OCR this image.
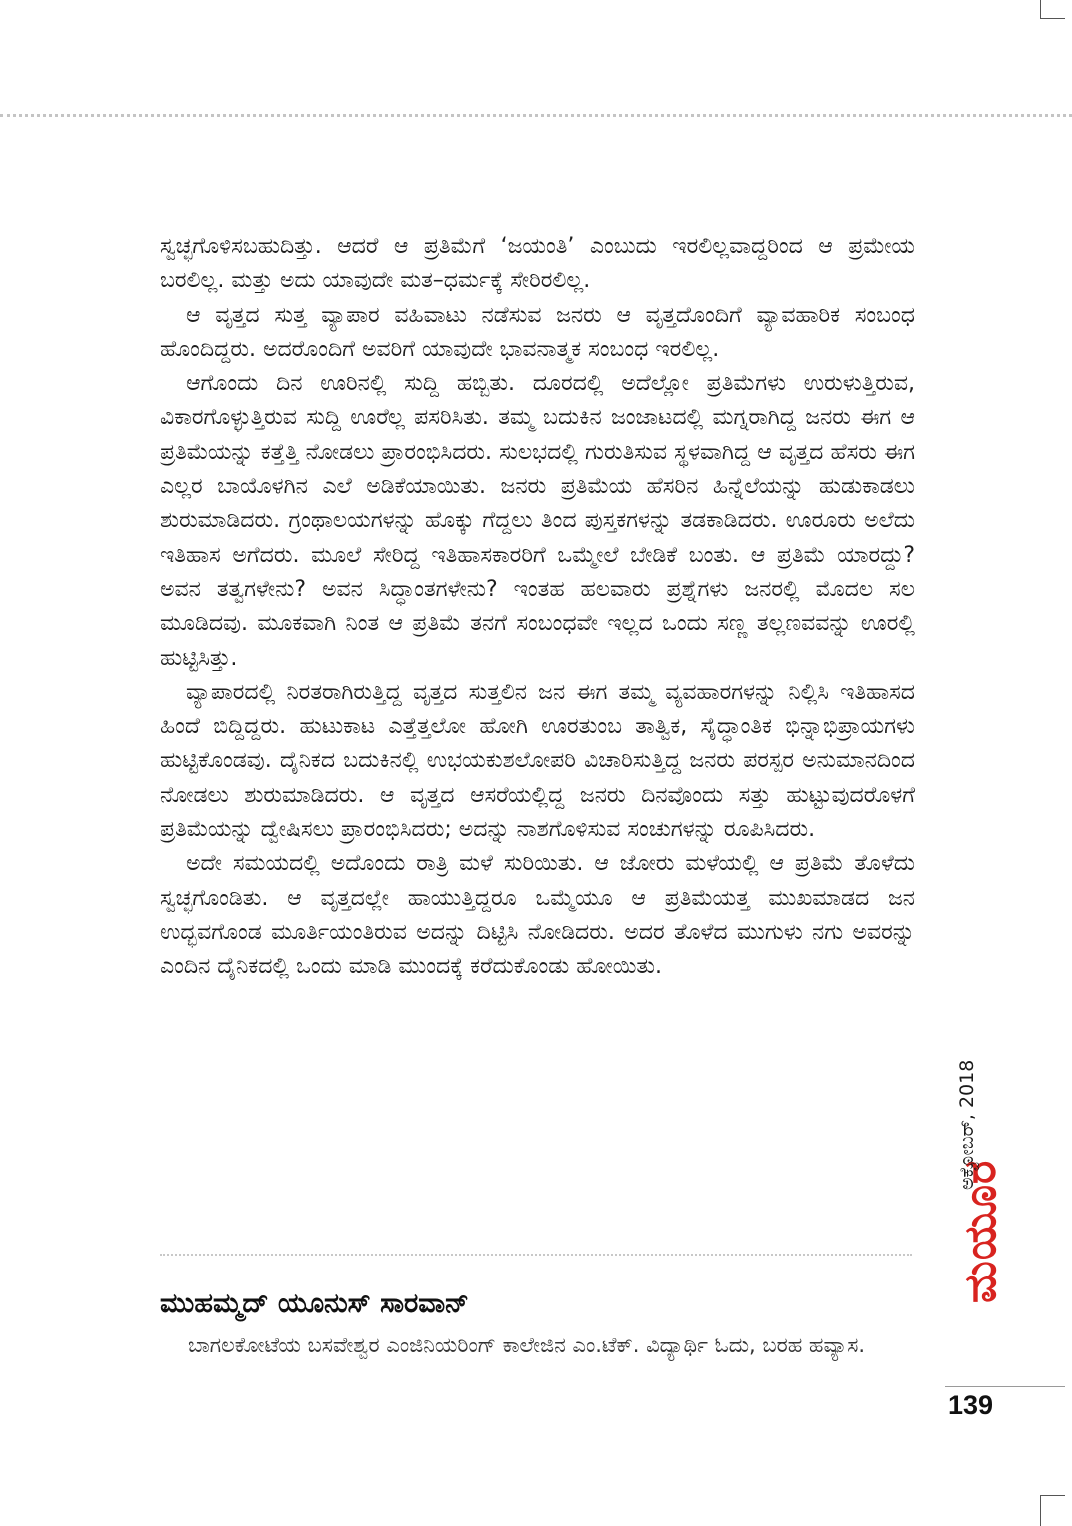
ಸ್ವಚ್ಛಗೊಳಿಸಬಹುದಿತ್ತು. ಆದರೆ ಆ ಪ್ರತಿಮೆಗೆ ‘ಜಯಂತಿ’ ಎಂಬುದು ಇರಲಿಲ್ಲವಾದ್ದರಿಂದ ಆ ಪ್ರಮೇಯ ಬರಲಿಲ್ಲ. ಮತ್ತು ಅದು ಯಾವುದೇ ಮತ–ಧರ್ಮಕ್ಕೆ ಸೇರಿರಲಿಲ್ಲ.

ಆ ವೃತ್ತದ ಸುತ್ತ ವ್ಯಾಪಾರ ವಹಿವಾಟು ನಡೆಸುವ ಜನರು ಆ ವೃತ್ತದೊಂದಿಗೆ ವ್ಯಾವಹಾರಿಕ ಸಂಬಂಧ ಹೊಂದಿದ್ದರು. ಅದರೊಂದಿಗೆ ಅವರಿಗೆ ಯಾವುದೇ ಭಾವನಾತ್ಮಕ ಸಂಬಂಧ ಇರಲಿಲ್ಲ.

ಆಗೊಂದು ದಿನ ಊರಿನಲ್ಲಿ ಸುದ್ದಿ ಹಬ್ಬಿತು. ದೂರದಲ್ಲಿ ಅದೆಲ್ಲೋ ಪ್ರತಿಮೆಗಳು ಉರುಳುತ್ತಿರುವ, ವಿಕಾರಗೊಳ್ಳುತ್ತಿರುವ ಸುದ್ದಿ ಊರೆಲ್ಲ ಪಸರಿಸಿತು. ತಮ್ಮ ಬದುಕಿನ ಜಂಜಾಟದಲ್ಲಿ ಮಗ್ನರಾಗಿದ್ದ ಜನರು ಈಗ ಆ ಪ್ರತಿಮೆಯನ್ನು ಕತ್ತೆತ್ತಿ ನೋಡಲು ಪ್ರಾರಂಭಿಸಿದರು. ಸುಲಭದಲ್ಲಿ ಗುರುತಿಸುವ ಸ್ಥಳವಾಗಿದ್ದ ಆ ವೃತ್ತದ ಹೆಸರು ಈಗ ಎಲ್ಲರ ಬಾಯೊಳಗಿನ ಎಲೆ ಅಡಿಕೆಯಾಯಿತು. ಜನರು ಪ್ರತಿಮೆಯ ಹೆಸರಿನ ಹಿನ್ನೆಲೆಯನ್ನು ಹುಡುಕಾಡಲು ಶುರುಮಾಡಿದರು. ಗ್ರಂಥಾಲಯಗಳನ್ನು ಹೊಕ್ಕು ಗೆದ್ದಲು ತಿಂದ ಪುಸ್ತಕಗಳನ್ನು ತಡಕಾಡಿದರು. ಊರೂರು ಅಲೆದು ಇತಿಹಾಸ ಅಗೆದರು. ಮೂಲೆ ಸೇರಿದ್ದ ಇತಿಹಾಸಕಾರರಿಗೆ ಒಮ್ಮೇಲೆ ಬೇಡಿಕೆ ಬಂತು. ಆ ಪ್ರತಿಮೆ ಯಾರದ್ದು? ಅವನ ತತ್ವಗಳೇನು? ಅವನ ಸಿದ್ಧಾಂತಗಳೇನು? ಇಂತಹ ಹಲವಾರು ಪ್ರಶ್ನೆಗಳು ಜನರಲ್ಲಿ ಮೊದಲ ಸಲ ಮೂಡಿದವು. ಮೂಕವಾಗಿ ನಿಂತ ಆ ಪ್ರತಿಮೆ ತನಗೆ ಸಂಬಂಧವೇ ಇಲ್ಲದ ಒಂದು ಸಣ್ಣ ತಲ್ಲಣವವನ್ನು ಊರಲ್ಲಿ ಹುಟ್ಟಿಸಿತ್ತು.

ವ್ಯಾಪಾರದಲ್ಲಿ ನಿರತರಾಗಿರುತ್ತಿದ್ದ ವೃತ್ತದ ಸುತ್ತಲಿನ ಜನ ಈಗ ತಮ್ಮ ವ್ಯವಹಾರಗಳನ್ನು ನಿಲ್ಲಿಸಿ ಇತಿಹಾಸದ ಹಿಂದೆ ಬಿದ್ದಿದ್ದರು. ಹುಟುಕಾಟ ಎತ್ತೆತ್ತಲೋ ಹೋಗಿ ಊರತುಂಬ ತಾತ್ವಿಕ, ಸೈದ್ಧಾಂತಿಕ ಭಿನ್ನಾಭಿಪ್ರಾಯಗಳು ಹುಟ್ಟಿಕೊಂಡವು. ದೈನಿಕದ ಬದುಕಿನಲ್ಲಿ ಉಭಯಕುಶಲೋಪರಿ ವಿಚಾರಿಸುತ್ತಿದ್ದ ಜನರು ಪರಸ್ಪರ ಅನುಮಾನದಿಂದ ನೋಡಲು ಶುರುಮಾಡಿದರು. ಆ ವೃತ್ತದ ಆಸರೆಯಲ್ಲಿದ್ದ ಜನರು ದಿನವೊಂದು ಸತ್ತು ಹುಟ್ಟುವುದರೊಳಗೆ ಪ್ರತಿಮೆಯನ್ನು ದ್ವೇಷಿಸಲು ಪ್ರಾರಂಭಿಸಿದರು; ಅದನ್ನು ನಾಶಗೊಳಿಸುವ ಸಂಚುಗಳನ್ನು ರೂಪಿಸಿದರು.

ಅದೇ ಸಮಯದಲ್ಲಿ ಅದೊಂದು ರಾತ್ರಿ ಮಳೆ ಸುರಿಯಿತು. ಆ ಜೋರು ಮಳೆಯಲ್ಲಿ ಆ ಪ್ರತಿಮೆ ತೊಳೆದು ಸ್ವಚ್ಛಗೊಂಡಿತು. ಆ ವೃತ್ತದಲ್ಲೇ ಹಾಯುತ್ತಿದ್ದರೂ ಒಮ್ಮೆಯೂ ಆ ಪ್ರತಿಮೆಯತ್ತ ಮುಖಮಾಡದ ಜನ ಉದ್ಭವಗೊಂಡ ಮೂರ್ತಿಯಂತಿರುವ ಅದನ್ನು ದಿಟ್ಟಿಸಿ ನೋಡಿದರು. ಅದರ ತೊಳೆದ ಮುಗುಳು ನಗು ಅವರನ್ನು ಎಂದಿನ ದೈನಿಕದಲ್ಲಿ ಒಂದು ಮಾಡಿ ಮುಂದಕ್ಕೆ ಕರೆದುಕೊಂಡು ಹೋಯಿತು.

ಮುಹಮ್ಮದ್ ಯೂನುಸ್ ಸಾರವಾನ್
ಬಾಗಲಕೋಟೆಯ ಬಸವೇಶ್ವರ ಎಂಜಿನಿಯರಿಂಗ್ ಕಾಲೇಜಿನ ಎಂ.ಟೆಕ್. ವಿದ್ಯಾರ್ಥಿ ಓದು, ಬರಹ ಹವ್ಯಾಸ.
ಮಯೂರ
ಅಕ್ಟೋಬರ್, 2018
139
